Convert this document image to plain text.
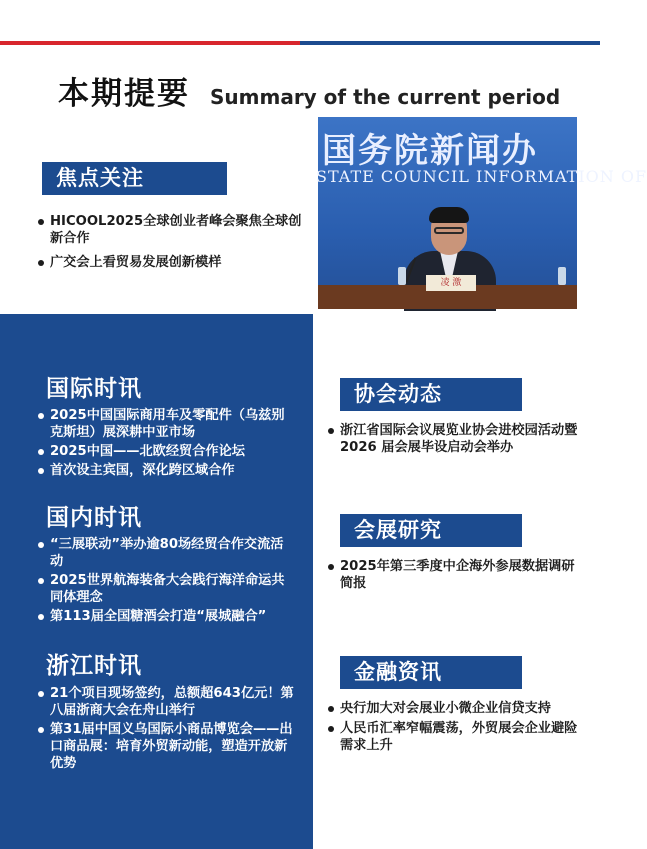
本期提要 Summary of the current period
国务院新闻办
STATE COUNCIL INFORMATION OF
凌 激
焦点关注
HICOOL2025全球创业者峰会聚焦全球创新合作
广交会上看贸易发展创新模样
国际时讯
2025中国国际商用车及零配件（乌兹别克斯坦）展深耕中亚市场
2025中国——北欧经贸合作论坛
首次设主宾国，深化跨区域合作
国内时讯
“三展联动”举办逾80场经贸合作交流活动
2025世界航海装备大会践行海洋命运共同体理念
第113届全国糖酒会打造“展城融合”
浙江时讯
21个项目现场签约，总额超643亿元！第八届浙商大会在舟山举行
第31届中国义乌国际小商品博览会——出口商品展：培育外贸新动能，塑造开放新优势
协会动态
浙江省国际会议展览业协会进校园活动暨 2026 届会展毕设启动会举办
会展研究
2025年第三季度中企海外参展数据调研简报
金融资讯
央行加大对会展业小微企业信贷支持
人民币汇率窄幅震荡，外贸展会企业避险需求上升
